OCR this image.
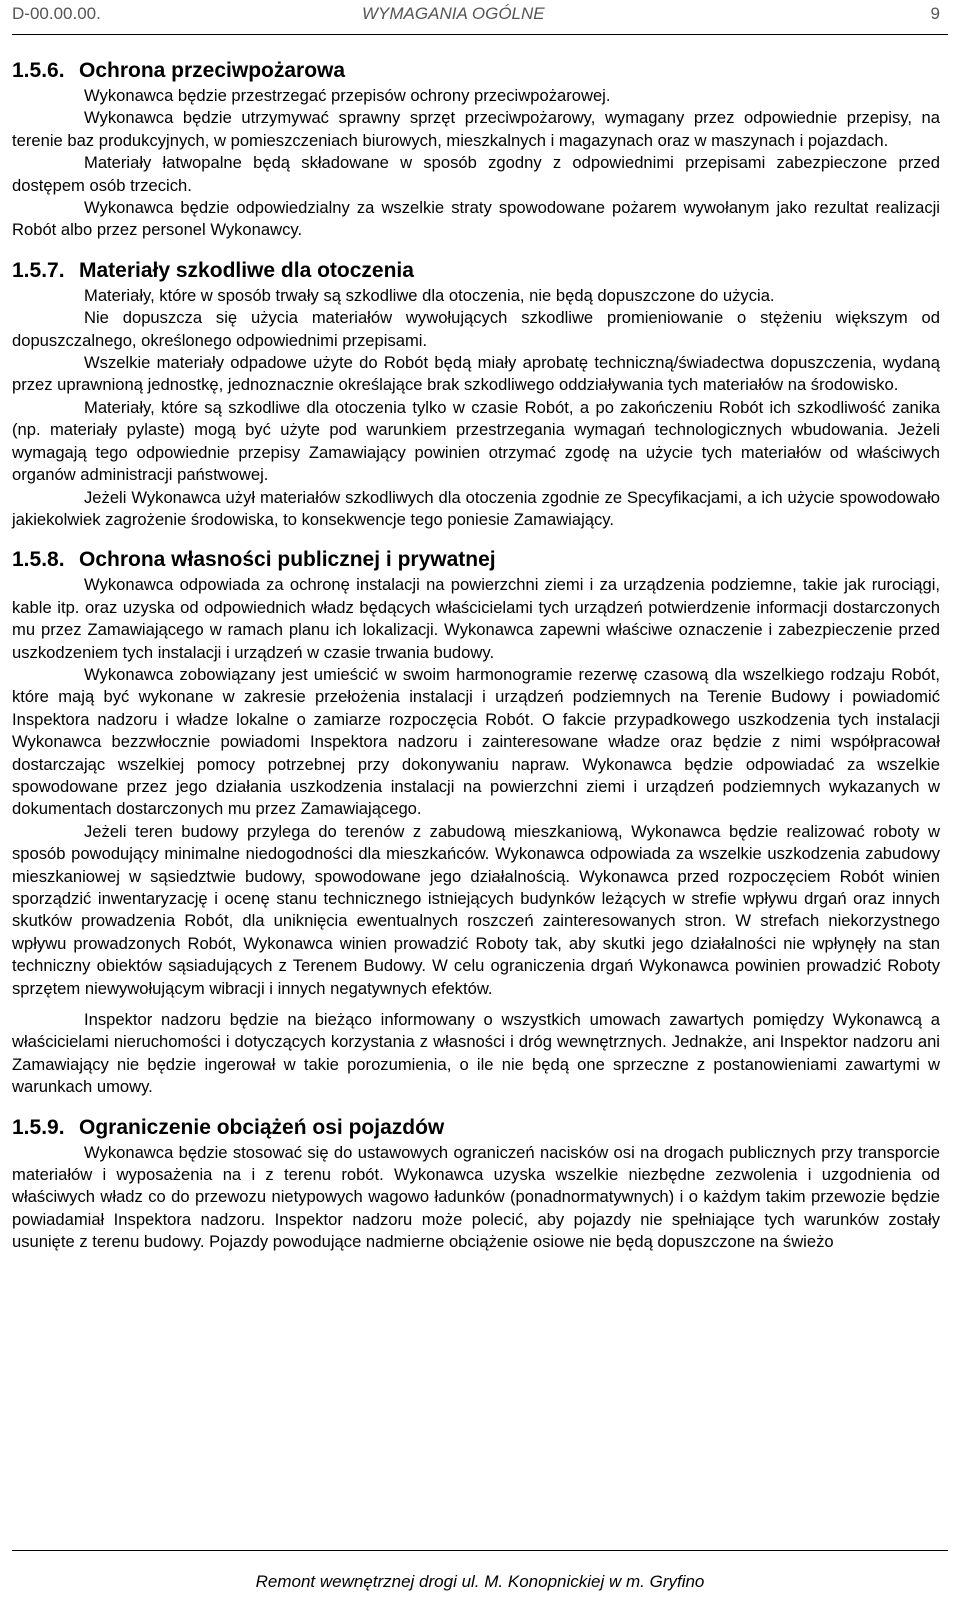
D-00.00.00.	WYMAGANIA OGÓLNE	9
1.5.6. Ochrona przeciwpożarowa

Wykonawca będzie przestrzegać przepisów ochrony przeciwpożarowej.

Wykonawca będzie utrzymywać sprawny sprzęt przeciwpożarowy, wymagany przez odpowiednie przepisy, na terenie baz produkcyjnych, w pomieszczeniach biurowych, mieszkalnych i magazynach oraz w maszynach i pojazdach.

Materiały łatwopalne będą składowane w sposób zgodny z odpowiednimi przepisami zabezpieczone przed dostępem osób trzecich.

Wykonawca będzie odpowiedzialny za wszelkie straty spowodowane pożarem wywołanym jako rezultat realizacji Robót albo przez personel Wykonawcy.

1.5.7. Materiały szkodliwe dla otoczenia

Materiały, które w sposób trwały są szkodliwe dla otoczenia, nie będą dopuszczone do użycia.

Nie dopuszcza się użycia materiałów wywołujących szkodliwe promieniowanie o stężeniu większym od dopuszczalnego, określonego odpowiednimi przepisami.

Wszelkie materiały odpadowe użyte do Robót będą miały aprobatę techniczną/świadectwa dopuszczenia, wydaną przez uprawnioną jednostkę, jednoznacznie określające brak szkodliwego oddziaływania tych materiałów na środowisko.

Materiały, które są szkodliwe dla otoczenia tylko w czasie Robót, a po zakończeniu Robót ich szkodliwość zanika (np. materiały pylaste) mogą być użyte pod warunkiem przestrzegania wymagań technologicznych wbudowania. Jeżeli wymagają tego odpowiednie przepisy Zamawiający powinien otrzymać zgodę na użycie tych materiałów od właściwych organów administracji państwowej.

Jeżeli Wykonawca użył materiałów szkodliwych dla otoczenia zgodnie ze Specyfikacjami, a ich użycie spowodowało jakiekolwiek zagrożenie środowiska, to konsekwencje tego poniesie Zamawiający.

1.5.8. Ochrona własności publicznej i prywatnej

Wykonawca odpowiada za ochronę instalacji na powierzchni ziemi i za urządzenia podziemne, takie jak rurociągi, kable itp. oraz uzyska od odpowiednich władz będących właścicielami tych urządzeń potwierdzenie informacji dostarczonych mu przez Zamawiającego w ramach planu ich lokalizacji. Wykonawca zapewni właściwe oznaczenie i zabezpieczenie przed uszkodzeniem tych instalacji i urządzeń w czasie trwania budowy.

Wykonawca zobowiązany jest umieścić w swoim harmonogramie rezerwę czasową dla wszelkiego rodzaju Robót, które mają być wykonane w zakresie przełożenia instalacji i urządzeń podziemnych na Terenie Budowy i powiadomić Inspektora nadzoru i władze lokalne o zamiarze rozpoczęcia Robót. O fakcie przypadkowego uszkodzenia tych instalacji Wykonawca bezzwłocznie powiadomi Inspektora nadzoru i zainteresowane władze oraz będzie z nimi współpracował dostarczając wszelkiej pomocy potrzebnej przy dokonywaniu napraw. Wykonawca będzie odpowiadać za wszelkie spowodowane przez jego działania uszkodzenia instalacji na powierzchni ziemi i urządzeń podziemnych wykazanych w dokumentach dostarczonych mu przez Zamawiającego.

Jeżeli teren budowy przylega do terenów z zabudową mieszkaniową, Wykonawca będzie realizować roboty w sposób powodujący minimalne niedogodności dla mieszkańców. Wykonawca odpowiada za wszelkie uszkodzenia zabudowy mieszkaniowej w sąsiedztwie budowy, spowodowane jego działalnością. Wykonawca przed rozpoczęciem Robót winien sporządzić inwentaryzację i ocenę stanu technicznego istniejących budynków leżących w strefie wpływu drgań oraz innych skutków prowadzenia Robót, dla uniknięcia ewentualnych roszczeń zainteresowanych stron. W strefach niekorzystnego wpływu prowadzonych Robót, Wykonawca winien prowadzić Roboty tak, aby skutki jego działalności nie wpłynęły na stan techniczny obiektów sąsiadujących z Terenem Budowy. W celu ograniczenia drgań Wykonawca powinien prowadzić Roboty sprzętem niewywołującym wibracji i innych negatywnych efektów.

Inspektor nadzoru będzie na bieżąco informowany o wszystkich umowach zawartych pomiędzy Wykonawcą a właścicielami nieruchomości i dotyczących korzystania z własności i dróg wewnętrznych. Jednakże, ani Inspektor nadzoru ani Zamawiający nie będzie ingerował w takie porozumienia, o ile nie będą one sprzeczne z postanowieniami zawartymi w warunkach umowy.

1.5.9. Ograniczenie obciążeń osi pojazdów

Wykonawca będzie stosować się do ustawowych ograniczeń nacisków osi na drogach publicznych przy transporcie materiałów i wyposażenia na i z terenu robót. Wykonawca uzyska wszelkie niezbędne zezwolenia i uzgodnienia od właściwych władz co do przewozu nietypowych wagowo ładunków (ponadnormatywnych) i o każdym takim przewozie będzie powiadamiał Inspektora nadzoru. Inspektor nadzoru może polecić, aby pojazdy nie spełniające tych warunków zostały usunięte z terenu budowy. Pojazdy powodujące nadmierne obciążenie osiowe nie będą dopuszczone na świeżo

Remont wewnętrznej drogi ul. M. Konopnickiej w m. Gryfino
